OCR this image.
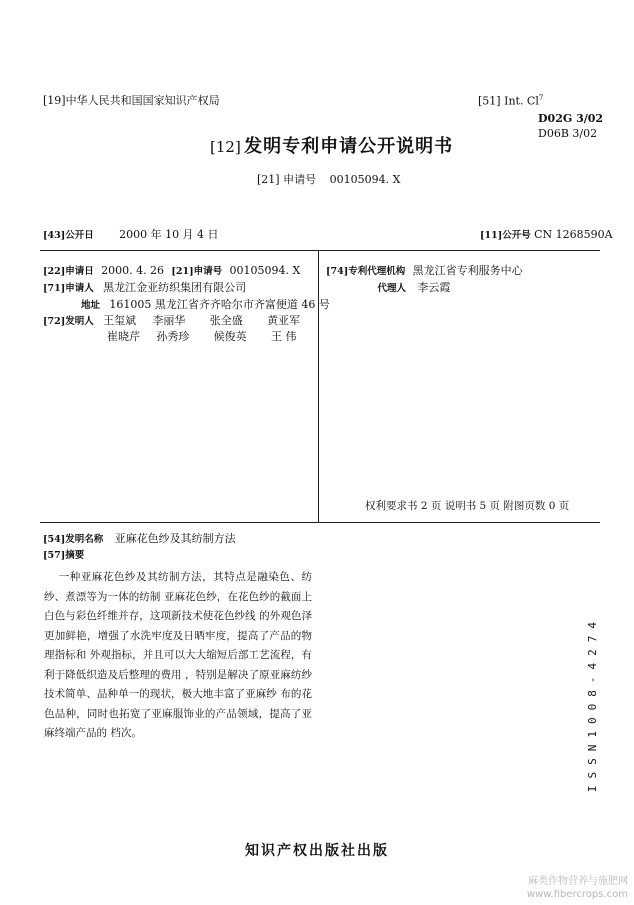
[19]中华人民共和国国家知识产权局	[51] Int. Cl$^7$
D02G 3/02
D06B 3/02
[12] 发明专利申请公开说明书
[21] 申请号 00105094. X
[43]公开日 2000 年 10 月 4 日	[11]公开号 CN 1268590A
[22]申请日 2000. 4. 26 [21]申请号 00105094. X
[71]申请人 黑龙江金亚纺织集团有限公司
地址 161005 黑龙江省齐齐哈尔市齐富便道 46 号
[72]发明人 王玺斌 李丽华 张全盛 黄亚军
崔晓芹 孙秀珍 候俊英 王 伟
[74]专利代理机构 黑龙江省专利服务中心
代理人 李云霞
权利要求书 2 页 说明书 5 页 附图页数 0 页
[54]发明名称 亚麻花色纱及其纺制方法
[57]摘要
一种亚麻花色纱及其纺制方法，其特点是融染色、纺纱、煮漂等为一体的纺制 亚麻花色纱，在花色纱的截面上白色与彩色纤维并存，这项新技术使花色纱线 的外观色泽更加鲜艳，增强了水洗牢度及日晒牢度，提高了产品的物理指标和 外观指标，并且可以大大缩短后部工艺流程，有利于降低织造及后整理的费用 ，特别是解决了原亚麻纺纱技术简单、品种单一的现状，极大地丰富了亚麻纱 布的花色品种，同时也拓宽了亚麻服饰业的产品领域，提高了亚麻终端产品的 档次。	ISSN1008-4274
知识产权出版社出版
麻类作物营养与施肥网
www.fibercrops.com
